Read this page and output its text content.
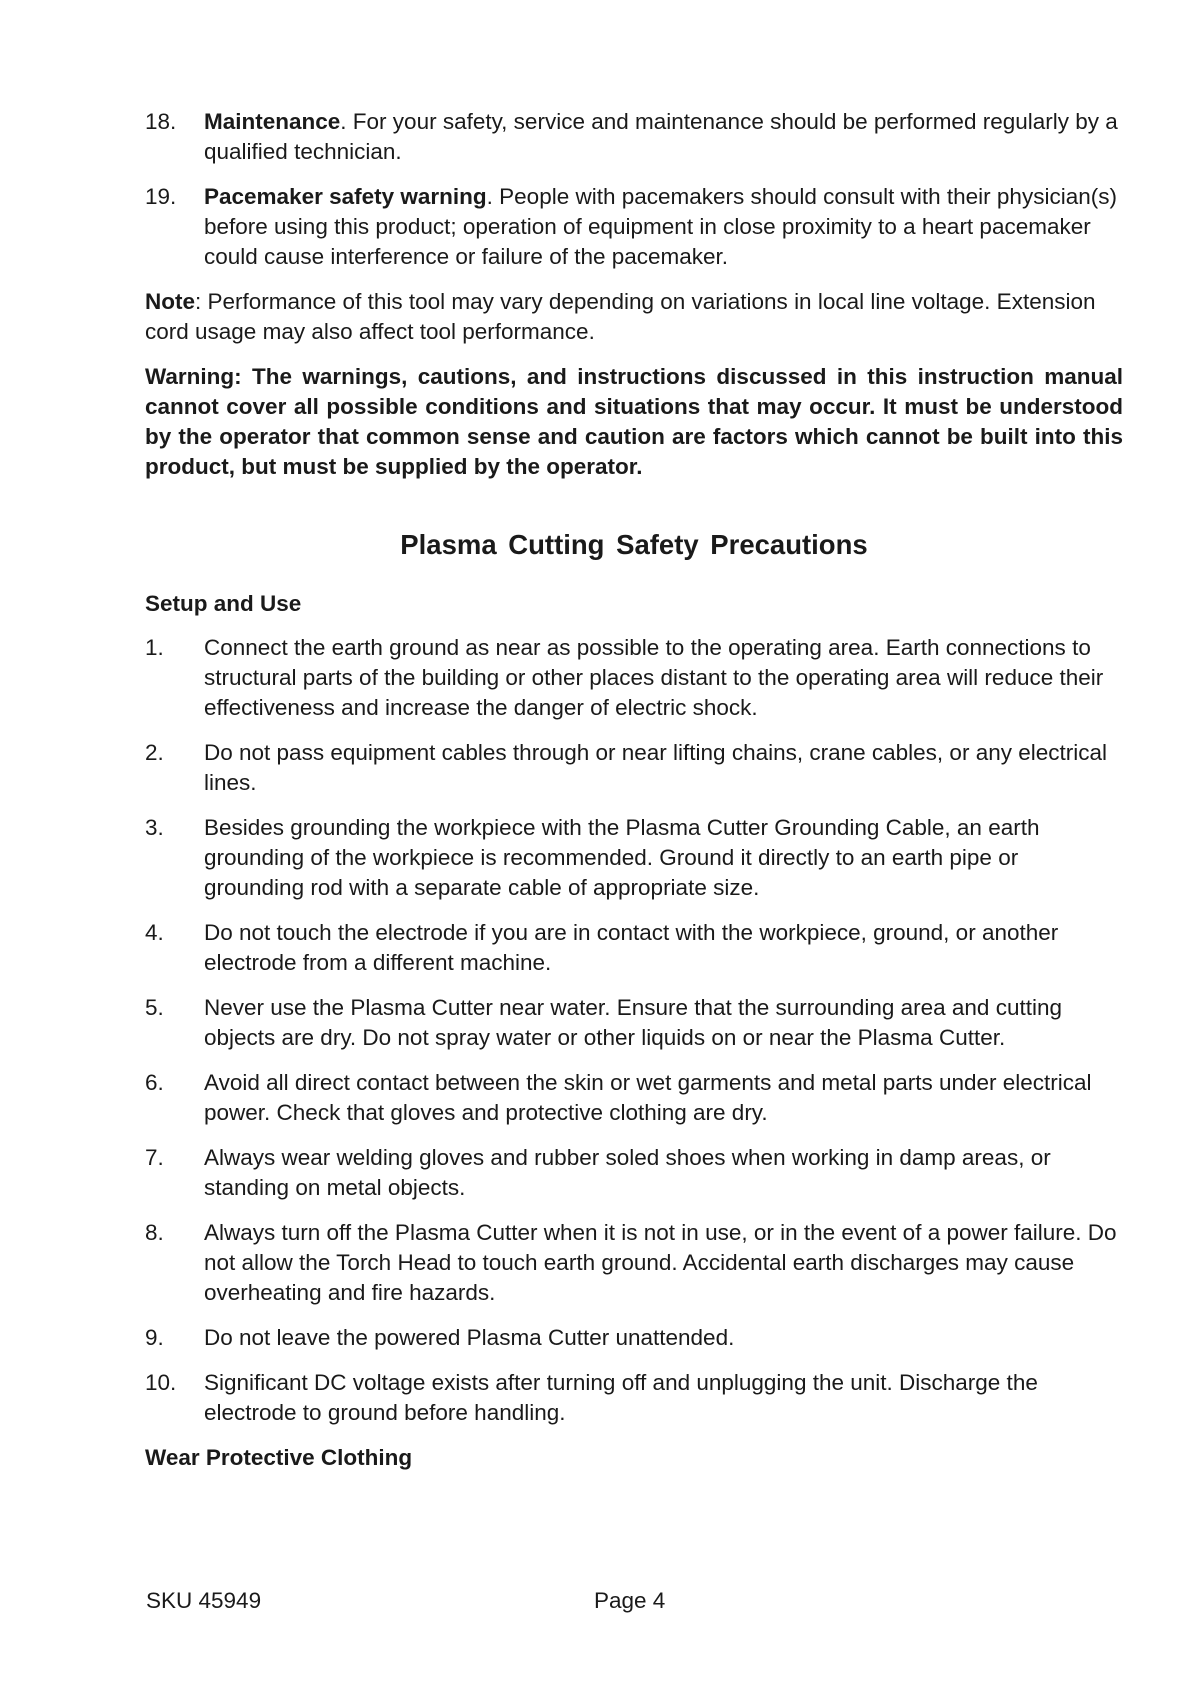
18.	Maintenance. For your safety, service and maintenance should be performed regularly by a qualified technician.
19.	Pacemaker safety warning. People with pacemakers should consult with their physician(s) before using this product; operation of equipment in close proximity to a heart pacemaker could cause interference or failure of the pacemaker.

Note: Performance of this tool may vary depending on variations in local line voltage. Extension cord usage may also affect tool performance.

Warning: The warnings, cautions, and instructions discussed in this instruction manual cannot cover all possible conditions and situations that may occur. It must be understood by the operator that common sense and caution are factors which cannot be built into this product, but must be supplied by the operator.

Plasma Cutting Safety Precautions
Setup and Use
1.	Connect the earth ground as near as possible to the operating area. Earth connections to structural parts of the building or other places distant to the operating area will reduce their effectiveness and increase the danger of electric shock.
2.	Do not pass equipment cables through or near lifting chains, crane cables, or any electrical lines.
3.	Besides grounding the workpiece with the Plasma Cutter Grounding Cable, an earth grounding of the workpiece is recommended. Ground it directly to an earth pipe or grounding rod with a separate cable of appropriate size.
4.	Do not touch the electrode if you are in contact with the workpiece, ground, or another electrode from a different machine.
5.	Never use the Plasma Cutter near water. Ensure that the surrounding area and cutting objects are dry. Do not spray water or other liquids on or near the Plasma Cutter.
6.	Avoid all direct contact between the skin or wet garments and metal parts under electrical power. Check that gloves and protective clothing are dry.
7.	Always wear welding gloves and rubber soled shoes when working in damp areas, or standing on metal objects.
8.	Always turn off the Plasma Cutter when it is not in use, or in the event of a power failure. Do not allow the Torch Head to touch earth ground. Accidental earth discharges may cause overheating and fire hazards.
9.	Do not leave the powered Plasma Cutter unattended.
10.	Significant DC voltage exists after turning off and unplugging the unit. Discharge the electrode to ground before handling.
Wear Protective Clothing
SKU 45949	Page 4
